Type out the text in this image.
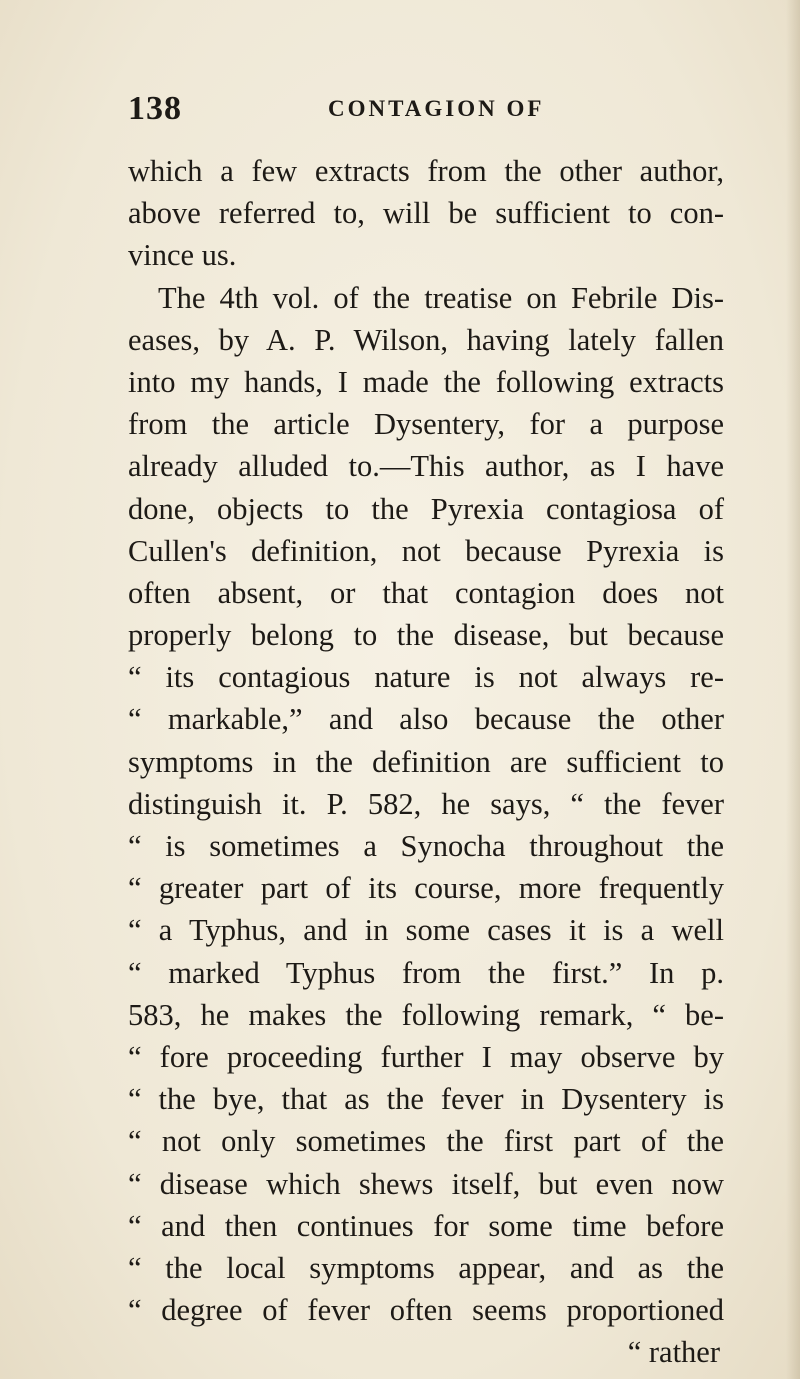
138	CONTAGION OF
which a few extracts from the other author,
above referred to, will be sufficient to con-
vince us.
The 4th vol. of the treatise on Febrile Dis-
eases, by A. P. Wilson, having lately fallen
into my hands, I made the following extracts
from the article Dysentery, for a purpose
already alluded to.—This author, as I have
done, objects to the Pyrexia contagiosa of
Cullen's definition, not because Pyrexia is
often absent, or that contagion does not
properly belong to the disease, but because
“ its contagious nature is not always re-
“ markable,” and also because the other
symptoms in the definition are sufficient to
distinguish it. P. 582, he says, “ the fever
“ is sometimes a Synocha throughout the
“ greater part of its course, more frequently
“ a Typhus, and in some cases it is a well
“ marked Typhus from the first.” In p.
583, he makes the following remark, “ be-
“ fore proceeding further I may observe by
“ the bye, that as the fever in Dysentery is
“ not only sometimes the first part of the
“ disease which shews itself, but even now
“ and then continues for some time before
“ the local symptoms appear, and as the
“ degree of fever often seems proportioned
“ rather
